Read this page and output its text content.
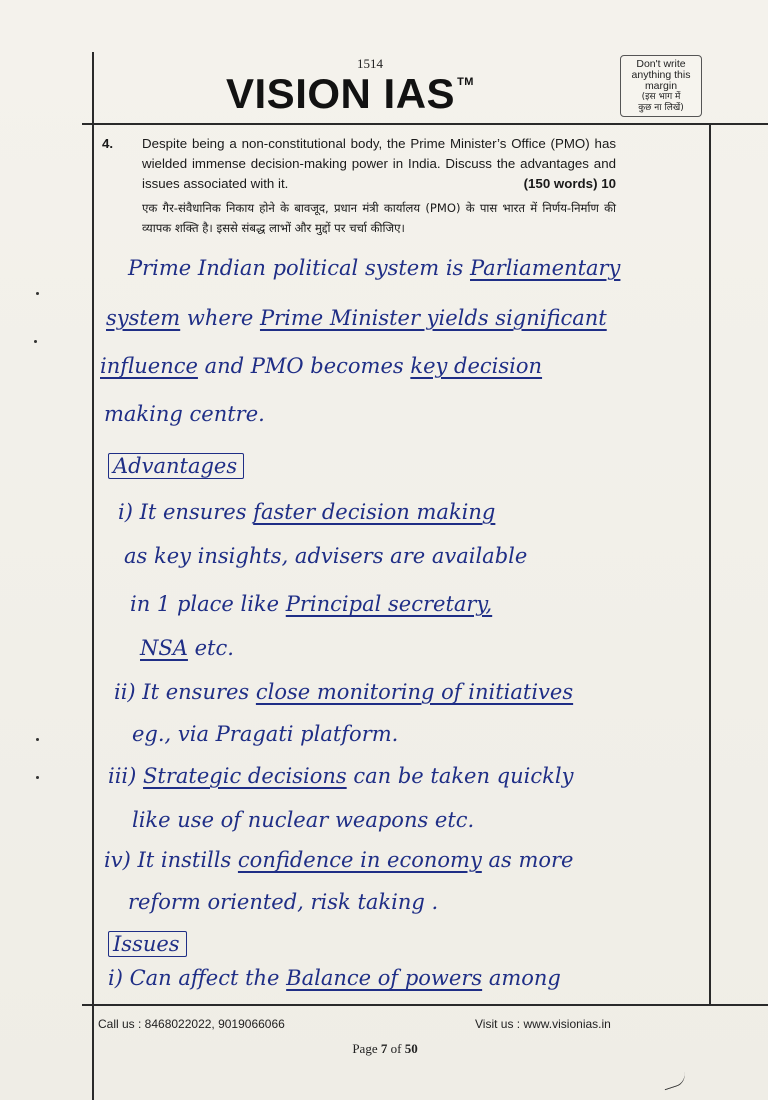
1514
VISION IAS ™
Don't write
anything this
margin
(इस भाग में
कुछ ना लिखें)
4. Despite being a non-constitutional body, the Prime Minister’s Office (PMO) has wielded immense decision-making power in India. Discuss the advantages and issues associated with it.	(150 words) 10
एक गैर-संवैधानिक निकाय होने के बावजूद, प्रधान मंत्री कार्यालय (PMO) के पास भारत में निर्णय-निर्माण की व्यापक शक्ति है। इससे संबद्ध लाभों और मुद्दों पर चर्चा कीजिए।
Prime Indian political system is Parliamentary
system where Prime Minister yields significant
influence and PMO becomes key decision
making centre.
Advantages
i) It ensures faster decision making
as key insights, advisers are available
in 1 place like Principal secretary,
NSA etc.
ii) It ensures close monitoring of initiatives
eg., via Pragati platform.
iii) Strategic decisions can be taken quickly
like use of nuclear weapons etc.
iv) It instills confidence in economy as more
reform oriented, risk taking .
Issues
i) Can affect the Balance of powers among
Call us : 8468022022, 9019066066	Visit us : www.visionias.in
Page 7 of 50
